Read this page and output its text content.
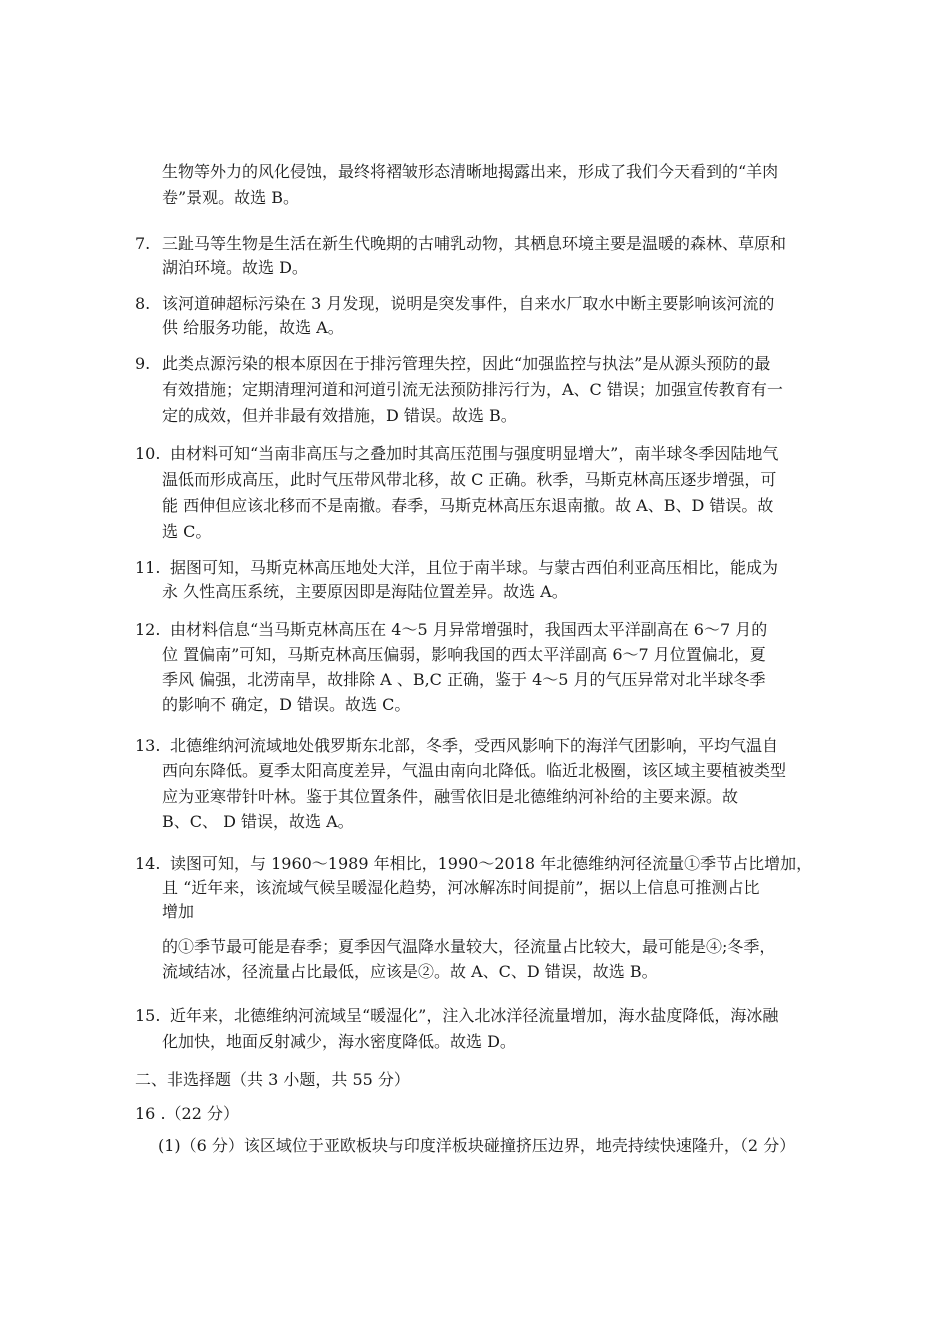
生物等外力的风化侵蚀，最终将褶皱形态清晰地揭露出来，形成了我们今天看到的“羊肉
卷”景观。故选 B。
7. 三趾马等生物是生活在新生代晚期的古哺乳动物，其栖息环境主要是温暖的森林、草原和
湖泊环境。故选 D。
8. 该河道砷超标污染在 3 月发现，说明是突发事件，自来水厂取水中断主要影响该河流的
供 给服务功能，故选 A。
9. 此类点源污染的根本原因在于排污管理失控，因此“加强监控与执法”是从源头预防的最
有效措施；定期清理河道和河道引流无法预防排污行为，A、C 错误；加强宣传教育有一
定的成效，但并非最有效措施，D 错误。故选 B。
10. 由材料可知“当南非高压与之叠加时其高压范围与强度明显增大”，南半球冬季因陆地气
温低而形成高压，此时气压带风带北移，故 C 正确。秋季，马斯克林高压逐步增强，可
能 西伸但应该北移而不是南撤。春季，马斯克林高压东退南撤。故 A、B、D 错误。故
选 C。
11. 据图可知，马斯克林高压地处大洋，且位于南半球。与蒙古西伯利亚高压相比，能成为
永 久性高压系统，主要原因即是海陆位置差异。故选 A。
12. 由材料信息“当马斯克林高压在 4～5 月异常增强时，我国西太平洋副高在 6～7 月的
位 置偏南”可知，马斯克林高压偏弱，影响我国的西太平洋副高 6～7 月位置偏北，夏
季风 偏强，北涝南旱，故排除 A 、B,C 正确，鉴于 4～5 月的气压异常对北半球冬季
的影响不 确定，D 错误。故选 C。
13. 北德维纳河流域地处俄罗斯东北部，冬季，受西风影响下的海洋气团影响，平均气温自
西向东降低。夏季太阳高度差异，气温由南向北降低。临近北极圈，该区域主要植被类型
应为亚寒带针叶林。鉴于其位置条件，融雪依旧是北德维纳河补给的主要来源。故
B、C、 D 错误，故选 A。
14. 读图可知，与 1960～1989 年相比，1990～2018 年北德维纳河径流量①季节占比增加，
且 “近年来，该流域气候呈暖湿化趋势，河冰解冻时间提前”，据以上信息可推测占比
增加
的①季节最可能是春季；夏季因气温降水量较大，径流量占比较大，最可能是④;冬季，
流域结冰，径流量占比最低，应该是②。故 A、C、D 错误，故选 B。
15. 近年来，北德维纳河流域呈“暖湿化”，注入北冰洋径流量增加，海水盐度降低，海冰融
化加快，地面反射减少，海水密度降低。故选 D。
二、非选择题（共 3 小题，共 55 分）
16 .（22 分）
(1)（6 分）该区域位于亚欧板块与印度洋板块碰撞挤压边界，地壳持续快速隆升，（2 分）
